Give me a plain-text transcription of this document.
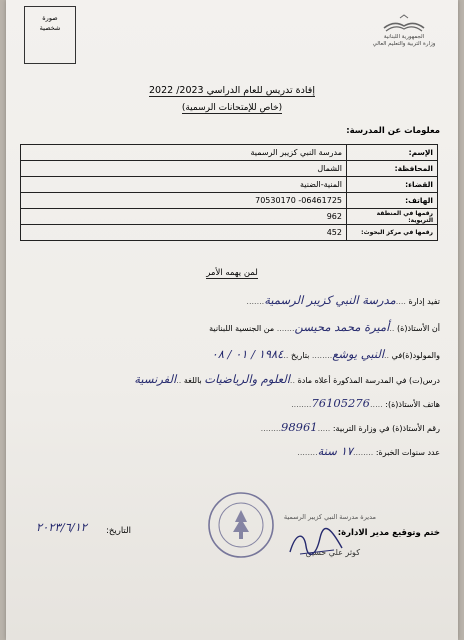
صورة
شخصية
الجمهورية اللبنانية
وزارة التربية والتعليم العالي
إفادة تدريس للعام الدراسي 2023/ 2022
(خاص للإمتحانات الرسمية)
معلومات عن المدرسة:
الإسم:	مدرسة النبي كزيبر الرسمية
المحافظة:	الشمال
القضاء:	المنية-الضنية
الهاتف:	06461725- 70530170
رقمها في المنطقة التربوية:	962
رقمها في مركز البحوث:	452
لمن يهمه الأمر
تفيد إدارة ....مدرسة النبي كزيبر الرسمية.......
أن الأستاذ(ة) ..أميرة محمد محيسن....... من الجنسية اللبنانية
والمولود(ة)في ..النبي يوشع........ بتاريخ ..١٩٨٤ / ٠١ / ٠٨
درس(ت) في المدرسة المذكورة أعلاه مادة ..العلوم والرياضيات باللغة ..الفرنسية
هاتف الأستاذ(ة): .....76105276........
رقم الأستاذ(ة) في وزارة التربية: .....98961........
عدد سنوات الخبرة: ........١٧ سنة........
مديرة مدرسة النبي كزيبر الرسمية
ختم وتوقيع مدير الادارة:
كوثر علي حسين
التاريخ:
٢٠٢٣/٦/١٢
